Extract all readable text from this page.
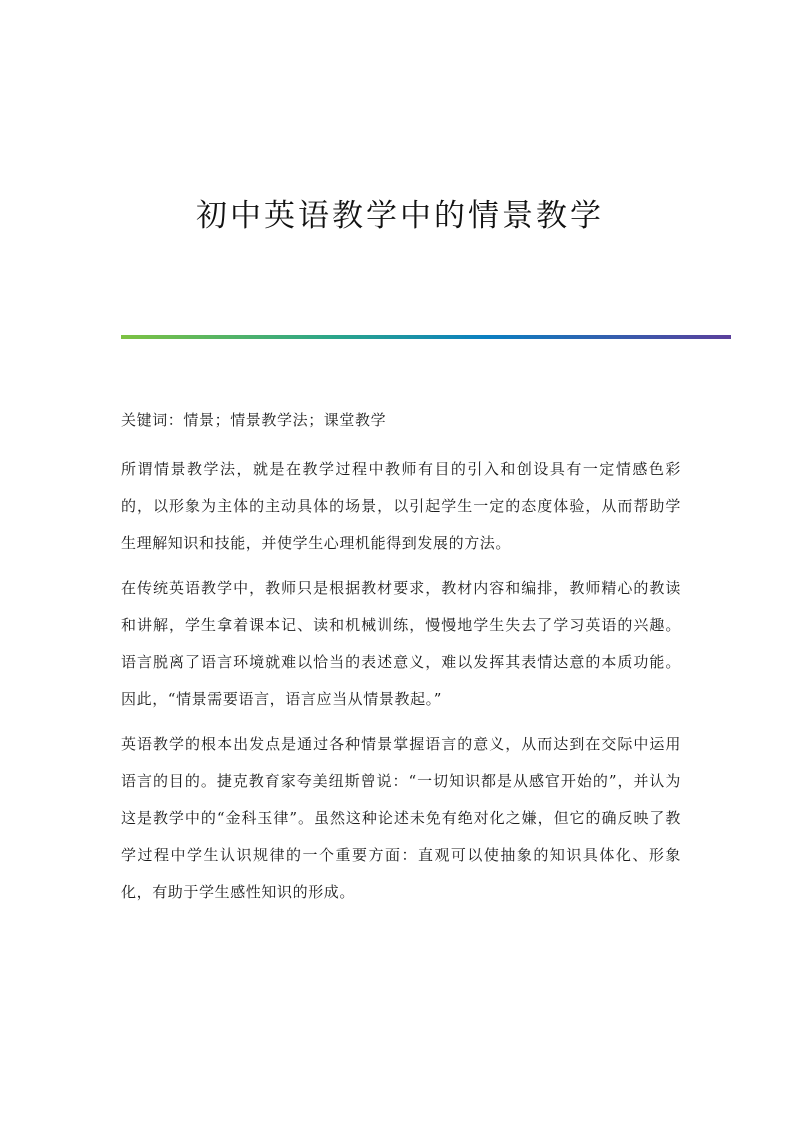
初中英语教学中的情景教学

关键词：情景；情景教学法；课堂教学

所谓情景教学法，就是在教学过程中教师有目的引入和创设具有一定情感色彩的，以形象为主体的主动具体的场景，以引起学生一定的态度体验，从而帮助学生理解知识和技能，并使学生心理机能得到发展的方法。

在传统英语教学中，教师只是根据教材要求，教材内容和编排，教师精心的教读和讲解，学生拿着课本记、读和机械训练，慢慢地学生失去了学习英语的兴趣。语言脱离了语言环境就难以恰当的表述意义，难以发挥其表情达意的本质功能。因此，“情景需要语言，语言应当从情景教起。”

英语教学的根本出发点是通过各种情景掌握语言的意义，从而达到在交际中运用语言的目的。捷克教育家夸美纽斯曾说：“一切知识都是从感官开始的”，并认为这是教学中的“金科玉律”。虽然这种论述未免有绝对化之嫌，但它的确反映了教学过程中学生认识规律的一个重要方面：直观可以使抽象的知识具体化、形象化，有助于学生感性知识的形成。
